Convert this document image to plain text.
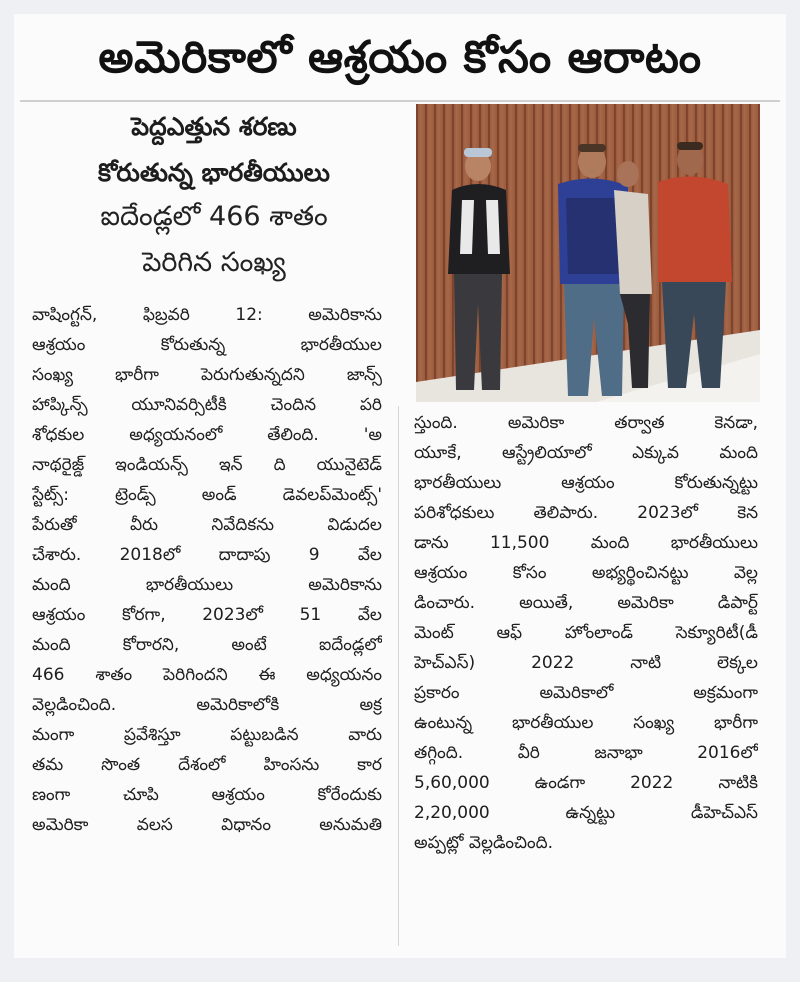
అమెరికాలో ఆశ్రయం కోసం ఆరాటం
పెద్దఎత్తున శరణు
కోరుతున్న భారతీయులు
ఐదేండ్లలో 466 శాతం
పెరిగిన సంఖ్య
వాషింగ్టన్‌, ఫిబ్రవరి 12: అమెరికాను
ఆశ్రయం కోరుతున్న భారతీయుల
సంఖ్య భారీగా పెరుగుతున్నదని జాన్స్‌
హాప్కిన్స్‌ యూనివర్సిటీకి చెందిన పరి
శోధకుల అధ్యయనంలో తేలింది. 'అ
నాథరైజ్డ్‌ ఇండియన్స్‌ ఇన్‌ ది యునైటెడ్‌
స్టేట్స్‌: ట్రెండ్స్‌ అండ్‌ డెవలప్‌మెంట్స్‌'
పేరుతో వీరు నివేదికను విడుదల
చేశారు. 2018లో దాదాపు 9 వేల
మంది భారతీయులు అమెరికాను
ఆశ్రయం కోరగా, 2023లో 51 వేల
మంది కోరారని, అంటే ఐదేండ్లలో
466 శాతం పెరిగిందని ఈ అధ్యయనం
వెల్లడించింది. అమెరికాలోకి అక్ర
మంగా ప్రవేశిస్తూ పట్టుబడిన వారు
తమ సొంత దేశంలో హింసను కార
ణంగా చూపి ఆశ్రయం కోరేందుకు
అమెరికా వలస విధానం అనుమతి
స్తుంది. అమెరికా తర్వాత కెనడా,
యూకే, ఆస్ట్రేలియాలో ఎక్కువ మంది
భారతీయులు ఆశ్రయం కోరుతున్నట్టు
పరిశోధకులు తెలిపారు. 2023లో కెన
డాను 11,500 మంది భారతీయులు
ఆశ్రయం కోసం అభ్యర్థించినట్టు వెల్ల
డించారు. అయితే, అమెరికా డిపార్ట్‌
మెంట్‌ ఆఫ్‌ హోంలాండ్‌ సెక్యూరిటీ(డీ
హెచ్‌ఎస్‌) 2022 నాటి లెక్కల
ప్రకారం అమెరికాలో అక్రమంగా
ఉంటున్న భారతీయుల సంఖ్య భారీగా
తగ్గింది. వీరి జనాభా 2016లో
5,60,000 ఉండగా 2022 నాటికి
2,20,000 ఉన్నట్టు డీహెచ్‌ఎస్‌
అప్పట్లో వెల్లడించింది.
